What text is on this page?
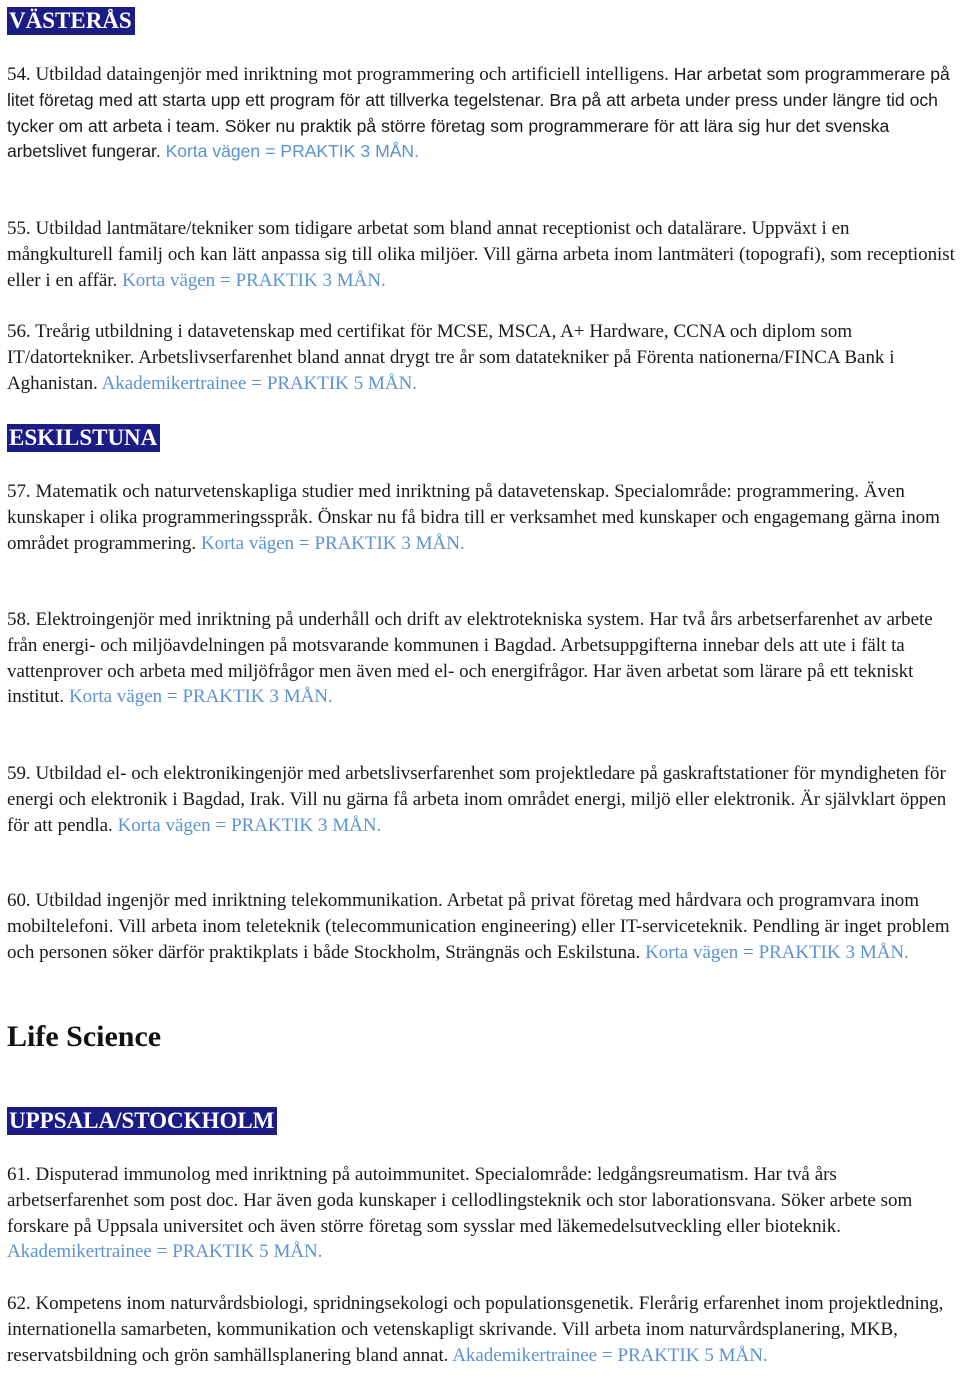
VÄSTERÅS

54. Utbildad dataingenjör med inriktning mot programmering och artificiell intelligens. Har arbetat som programmerare på litet företag med att starta upp ett program för att tillverka tegelstenar. Bra på att arbeta under press under längre tid och tycker om att arbeta i team. Söker nu praktik på större företag som programmerare för att lära sig hur det svenska arbetslivet fungerar. Korta vägen = PRAKTIK 3 MÅN.

55. Utbildad lantmätare/tekniker som tidigare arbetat som bland annat receptionist och datalärare. Uppväxt i en mångkulturell familj och kan lätt anpassa sig till olika miljöer. Vill gärna arbeta inom lantmäteri (topografi), som receptionist eller i en affär. Korta vägen = PRAKTIK 3 MÅN.

56. Treårig utbildning i datavetenskap med certifikat för MCSE, MSCA, A+ Hardware, CCNA och diplom som IT/datortekniker. Arbetslivserfarenhet bland annat drygt tre år som datatekniker på Förenta nationerna/FINCA Bank i Aghanistan. Akademikertrainee = PRAKTIK 5 MÅN.

ESKILSTUNA

57. Matematik och naturvetenskapliga studier med inriktning på datavetenskap. Specialområde: programmering. Även kunskaper i olika programmeringsspråk. Önskar nu få bidra till er verksamhet med kunskaper och engagemang gärna inom området programmering. Korta vägen = PRAKTIK 3 MÅN.

58. Elektroingenjör med inriktning på underhåll och drift av elektrotekniska system. Har två års arbetserfarenhet av arbete från energi- och miljöavdelningen på motsvarande kommunen i Bagdad. Arbetsuppgifterna innebar dels att ute i fält ta vattenprover och arbeta med miljöfrågor men även med el- och energifrågor. Har även arbetat som lärare på ett tekniskt institut. Korta vägen = PRAKTIK 3 MÅN.

59. Utbildad el- och elektronikingenjör med arbetslivserfarenhet som projektledare på gaskraftstationer för myndigheten för energi och elektronik i Bagdad, Irak. Vill nu gärna få arbeta inom området energi, miljö eller elektronik. Är självklart öppen för att pendla. Korta vägen = PRAKTIK 3 MÅN.

60. Utbildad ingenjör med inriktning telekommunikation. Arbetat på privat företag med hårdvara och programvara inom mobiltelefoni. Vill arbeta inom teleteknik (telecommunication engineering) eller IT-serviceteknik. Pendling är inget problem och personen söker därför praktikplats i både Stockholm, Strängnäs och Eskilstuna. Korta vägen = PRAKTIK 3 MÅN.

Life Science
UPPSALA/STOCKHOLM

61. Disputerad immunolog med inriktning på autoimmunitet. Specialområde: ledgångsreumatism. Har två års arbetserfarenhet som post doc. Har även goda kunskaper i cellodlingsteknik och stor laborationsvana. Söker arbete som forskare på Uppsala universitet och även större företag som sysslar med läkemedelsutveckling eller bioteknik. Akademikertrainee = PRAKTIK 5 MÅN.

62. Kompetens inom naturvårdsbiologi, spridningsekologi och populationsgenetik. Flerårig erfarenhet inom projektledning, internationella samarbeten, kommunikation och vetenskapligt skrivande. Vill arbeta inom naturvårdsplanering, MKB, reservatsbildning och grön samhällsplanering bland annat. Akademikertrainee = PRAKTIK 5 MÅN.
